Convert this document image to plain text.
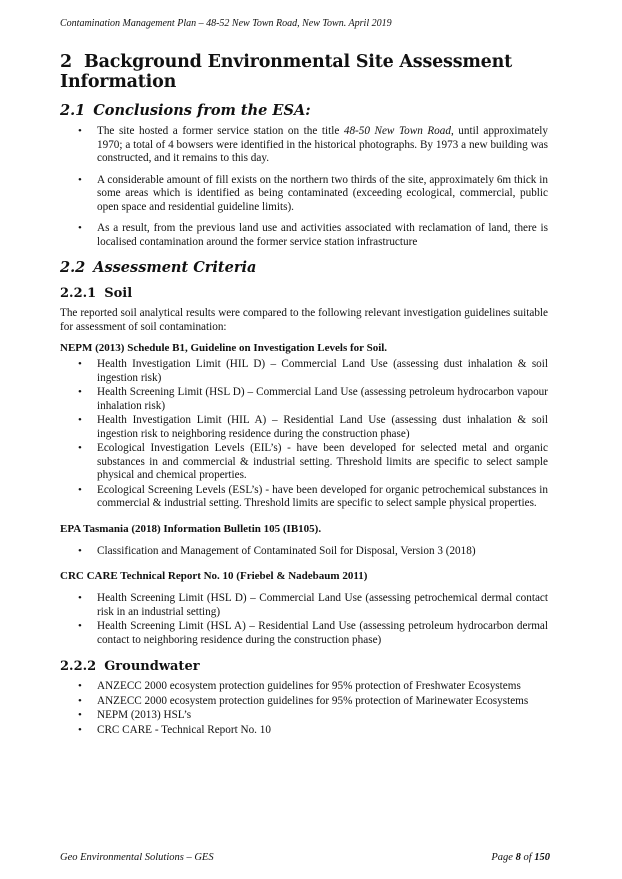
Contamination Management Plan – 48-52 New Town Road, New Town. April 2019
2 Background Environmental Site Assessment Information
2.1 Conclusions from the ESA:
• The site hosted a former service station on the title 48-50 New Town Road, until approximately 1970; a total of 4 bowsers were identified in the historical photographs. By 1973 a new building was constructed, and it remains to this day.
• A considerable amount of fill exists on the northern two thirds of the site, approximately 6m thick in some areas which is identified as being contaminated (exceeding ecological, commercial, public open space and residential guideline limits).
• As a result, from the previous land use and activities associated with reclamation of land, there is localised contamination around the former service station infrastructure
2.2 Assessment Criteria
2.2.1 Soil

The reported soil analytical results were compared to the following relevant investigation guidelines suitable for assessment of soil contamination:

NEPM (2013) Schedule B1, Guideline on Investigation Levels for Soil.
• Health Investigation Limit (HIL D) – Commercial Land Use (assessing dust inhalation & soil ingestion risk)
• Health Screening Limit (HSL D) – Commercial Land Use (assessing petroleum hydrocarbon vapour inhalation risk)
• Health Investigation Limit (HIL A) – Residential Land Use (assessing dust inhalation & soil ingestion risk to neighboring residence during the construction phase)
• Ecological Investigation Levels (EIL’s) - have been developed for selected metal and organic substances in and commercial & industrial setting. Threshold limits are specific to select sample physical and chemical properties.
• Ecological Screening Levels (ESL’s) - have been developed for organic petrochemical substances in commercial & industrial setting. Threshold limits are specific to select sample physical properties.
EPA Tasmania (2018) Information Bulletin 105 (IB105).
• Classification and Management of Contaminated Soil for Disposal, Version 3 (2018)
CRC CARE Technical Report No. 10 (Friebel & Nadebaum 2011)
• Health Screening Limit (HSL D) – Commercial Land Use (assessing petrochemical dermal contact risk in an industrial setting)
• Health Screening Limit (HSL A) – Residential Land Use (assessing petroleum hydrocarbon dermal contact to neighboring residence during the construction phase)
2.2.2 Groundwater
• ANZECC 2000 ecosystem protection guidelines for 95% protection of Freshwater Ecosystems
• ANZECC 2000 ecosystem protection guidelines for 95% protection of Marinewater Ecosystems
• NEPM (2013) HSL’s
• CRC CARE - Technical Report No. 10
Geo Environmental Solutions – GES	Page 8 of 150
